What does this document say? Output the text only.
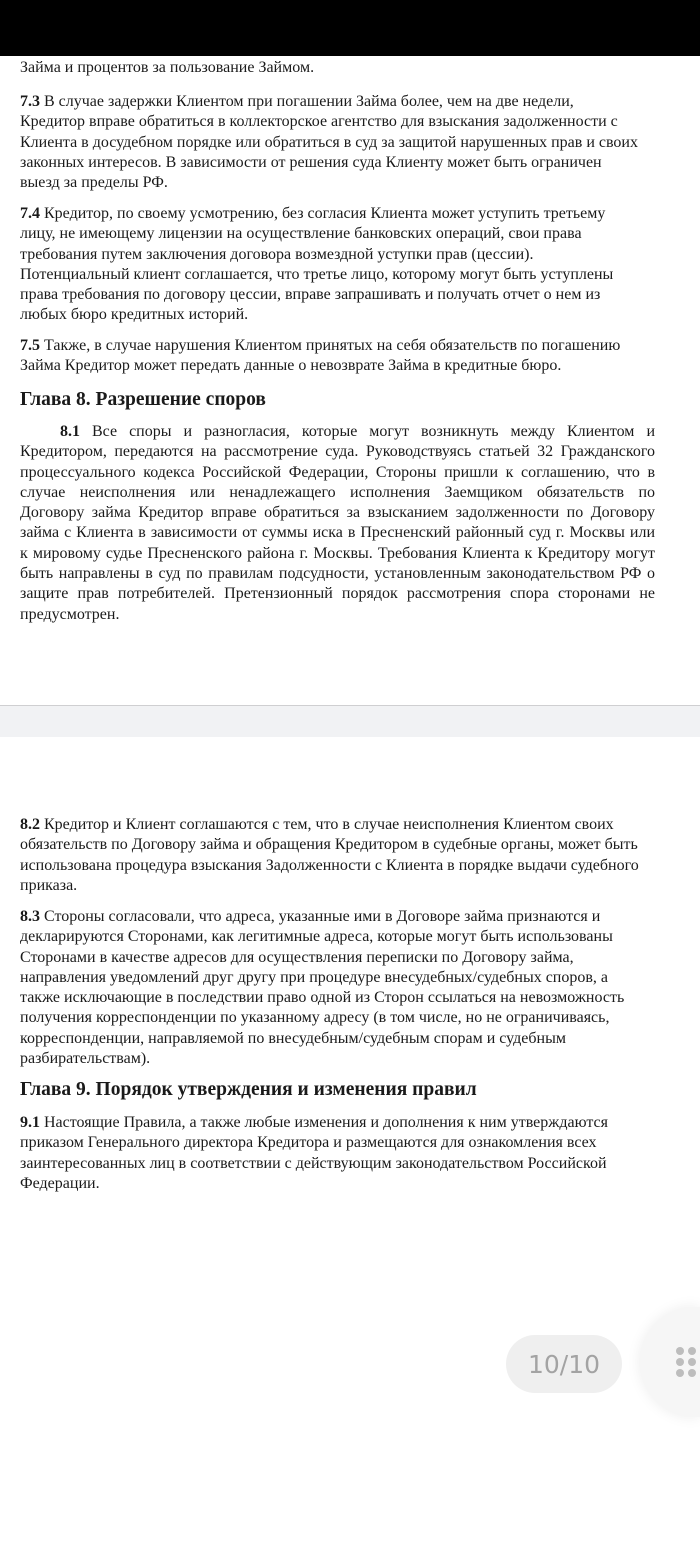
Займа и процентов за пользование Займом.
7.3 В случае задержки Клиентом при погашении Займа более, чем на две недели,
Кредитор вправе обратиться в коллекторское агентство для взыскания задолженности с
Клиента в досудебном порядке или обратиться в суд за защитой нарушенных прав и своих
законных интересов. В зависимости от решения суда Клиенту может быть ограничен
выезд за пределы РФ.
7.4 Кредитор, по своему усмотрению, без согласия Клиента может уступить третьему
лицу, не имеющему лицензии на осуществление банковских операций, свои права
требования путем заключения договора возмездной уступки прав (цессии).
Потенциальный клиент соглашается, что третье лицо, которому могут быть уступлены
права требования по договору цессии, вправе запрашивать и получать отчет о нем из
любых бюро кредитных историй.
7.5 Также, в случае нарушения Клиентом принятых на себя обязательств по погашению
Займа Кредитор может передать данные о невозврате Займа в кредитные бюро.
Глава 8. Разрешение споров
8.1 Все споры и разногласия, которые могут возникнуть между Клиентом и
Кредитором, передаются на рассмотрение суда. Руководствуясь статьей 32 Гражданского
процессуального кодекса Российской Федерации, Стороны пришли к соглашению, что в
случае неисполнения или ненадлежащего исполнения Заемщиком обязательств по
Договору займа Кредитор вправе обратиться за взысканием задолженности по Договору
займа с Клиента в зависимости от суммы иска в Пресненский районный суд г. Москвы или
к мировому судье Пресненского района г. Москвы. Требования Клиента к Кредитору могут
быть направлены в суд по правилам подсудности, установленным законодательством РФ о
защите прав потребителей. Претензионный порядок рассмотрения спора сторонами не
предусмотрен.
8.2 Кредитор и Клиент соглашаются с тем, что в случае неисполнения Клиентом своих
обязательств по Договору займа и обращения Кредитором в судебные органы, может быть
использована процедура взыскания Задолженности с Клиента в порядке выдачи судебного
приказа.
8.3 Стороны согласовали, что адреса, указанные ими в Договоре займа признаются и
декларируются Сторонами, как легитимные адреса, которые могут быть использованы
Сторонами в качестве адресов для осуществления переписки по Договору займа,
направления уведомлений друг другу при процедуре внесудебных/судебных споров, а
также исключающие в последствии право одной из Сторон ссылаться на невозможность
получения корреспонденции по указанному адресу (в том числе, но не ограничиваясь,
корреспонденции, направляемой по внесудебным/судебным спорам и судебным
разбирательствам).
Глава 9. Порядок утверждения и изменения правил
9.1 Настоящие Правила, а также любые изменения и дополнения к ним утверждаются
приказом Генерального директора Кредитора и размещаются для ознакомления всех
заинтересованных лиц в соответствии с действующим законодательством Российской
Федерации.
10/10
